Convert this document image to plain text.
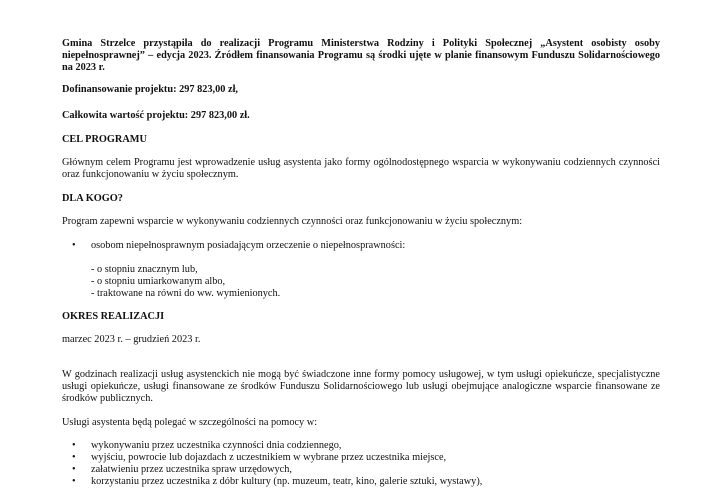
Gmina Strzelce przystąpiła do realizacji Programu Ministerstwa Rodziny i Polityki Społecznej „Asystent osobisty osoby niepełnosprawnej” – edycja 2023. Źródłem finansowania Programu są środki ujęte w planie finansowym Funduszu Solidarnościowego na 2023 r.

Dofinansowanie projektu: 297 823,00 zł,

Całkowita wartość projektu: 297 823,00 zł.

CEL PROGRAMU

Głównym celem Programu jest wprowadzenie usług asystenta jako formy ogólnodostępnego wsparcia w wykonywaniu codziennych czynności oraz funkcjonowaniu w życiu społecznym.

DLA KOGO?

Program zapewni wsparcie w wykonywaniu codziennych czynności oraz funkcjonowaniu w życiu społecznym:

• osobom niepełnosprawnym posiadającym orzeczenie o niepełnosprawności:
- o stopniu znacznym lub,
- o stopniu umiarkowanym albo,
- traktowane na równi do ww. wymienionych.

OKRES REALIZACJI

marzec 2023 r. – grudzień 2023 r.

W godzinach realizacji usług asystenckich nie mogą być świadczone inne formy pomocy usługowej, w tym usługi opiekuńcze, specjalistyczne usługi opiekuńcze, usługi finansowane ze środków Funduszu Solidarnościowego lub usługi obejmujące analogiczne wsparcie finansowane ze środków publicznych.

Usługi asystenta będą polegać w szczególności na pomocy w:

• wykonywaniu przez uczestnika czynności dnia codziennego,
• wyjściu, powrocie lub dojazdach z uczestnikiem w wybrane przez uczestnika miejsce,
• załatwieniu przez uczestnika spraw urzędowych,
• korzystaniu przez uczestnika z dóbr kultury (np. muzeum, teatr, kino, galerie sztuki, wystawy),
